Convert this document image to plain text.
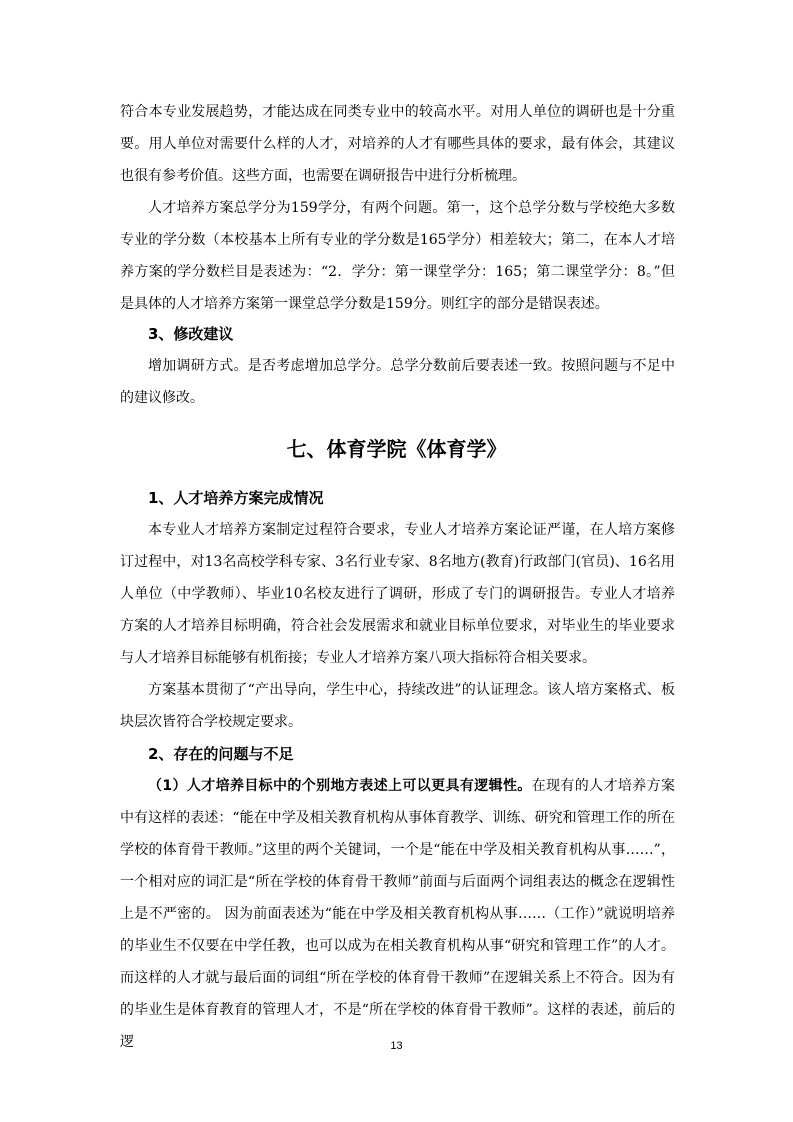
符合本专业发展趋势，才能达成在同类专业中的较高水平。对用人单位的调研也是十分重要。用人单位对需要什么样的人才，对培养的人才有哪些具体的要求，最有体会，其建议也很有参考价值。这些方面，也需要在调研报告中进行分析梳理。

人才培养方案总学分为159学分，有两个问题。第一，这个总学分数与学校绝大多数专业的学分数（本校基本上所有专业的学分数是165学分）相差较大；第二，在本人才培养方案的学分数栏目是表述为：“2．学分：第一课堂学分：165；第二课堂学分：8。”但是具体的人才培养方案第一课堂总学分数是159分。则红字的部分是错误表述。

3、修改建议

增加调研方式。是否考虑增加总学分。总学分数前后要表述一致。按照问题与不足中的建议修改。

七、体育学院《体育学》

1、人才培养方案完成情况

本专业人才培养方案制定过程符合要求，专业人才培养方案论证严谨，在人培方案修订过程中，对13名高校学科专家、3名行业专家、8名地方(教育)行政部门(官员)、16名用人单位（中学教师）、毕业10名校友进行了调研，形成了专门的调研报告。专业人才培养方案的人才培养目标明确，符合社会发展需求和就业目标单位要求，对毕业生的毕业要求与人才培养目标能够有机衔接；专业人才培养方案八项大指标符合相关要求。

方案基本贯彻了“产出导向，学生中心，持续改进”的认证理念。该人培方案格式、板块层次皆符合学校规定要求。

2、存在的问题与不足

（1）人才培养目标中的个别地方表述上可以更具有逻辑性。在现有的人才培养方案中有这样的表述：“能在中学及相关教育机构从事体育教学、训练、研究和管理工作的所在学校的体育骨干教师。”这里的两个关键词，一个是“能在中学及相关教育机构从事……”，一个相对应的词汇是“所在学校的体育骨干教师”前面与后面两个词组表达的概念在逻辑性上是不严密的。 因为前面表述为“能在中学及相关教育机构从事……（工作）”就说明培养的毕业生不仅要在中学任教，也可以成为在相关教育机构从事“研究和管理工作”的人才。而这样的人才就与最后面的词组“所在学校的体育骨干教师”在逻辑关系上不符合。因为有的毕业生是体育教育的管理人才，不是“所在学校的体育骨干教师”。这样的表述，前后的逻	13
